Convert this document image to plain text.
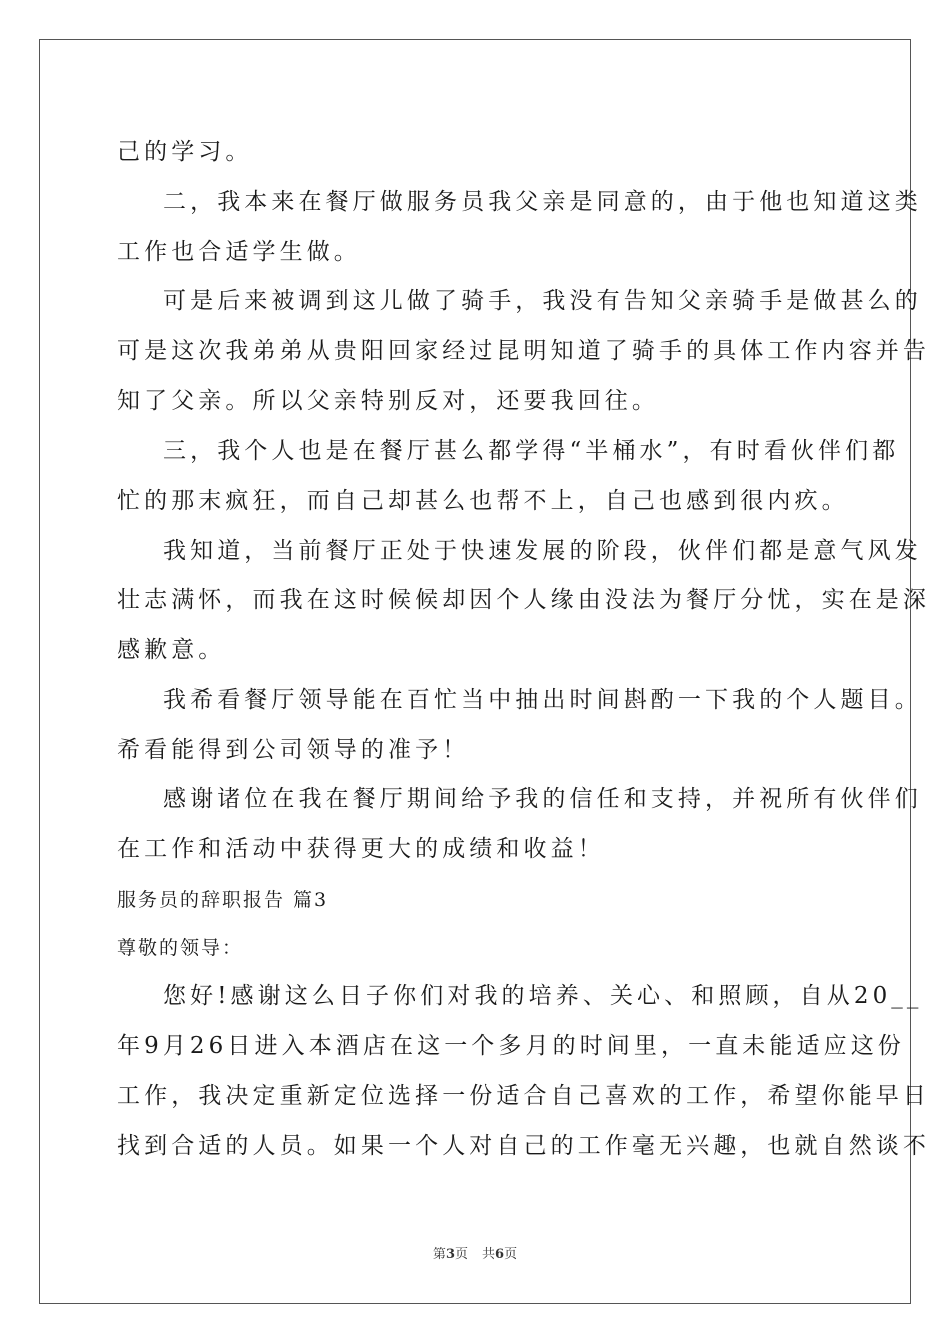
己的学习。
二，我本来在餐厅做服务员我父亲是同意的，由于他也知道这类
工作也合适学生做。
可是后来被调到这儿做了骑手，我没有告知父亲骑手是做甚么的
可是这次我弟弟从贵阳回家经过昆明知道了骑手的具体工作内容并告
知了父亲。所以父亲特别反对，还要我回往。
三，我个人也是在餐厅甚么都学得“半桶水”，有时看伙伴们都
忙的那末疯狂，而自己却甚么也帮不上，自己也感到很内疚。
我知道，当前餐厅正处于快速发展的阶段，伙伴们都是意气风发
壮志满怀，而我在这时候候却因个人缘由没法为餐厅分忧，实在是深
感歉意。
我希看餐厅领导能在百忙当中抽出时间斟酌一下我的个人题目。
希看能得到公司领导的准予！
感谢诸位在我在餐厅期间给予我的信任和支持，并祝所有伙伴们
在工作和活动中获得更大的成绩和收益！
服务员的辞职报告 篇3
尊敬的领导：
您好!感谢这么日子你们对我的培养、关心、和照顾，自从20__
年9月26日进入本酒店在这一个多月的时间里，一直未能适应这份
工作，我决定重新定位选择一份适合自己喜欢的工作，希望你能早日
找到合适的人员。如果一个人对自己的工作毫无兴趣，也就自然谈不
第3页 共6页
